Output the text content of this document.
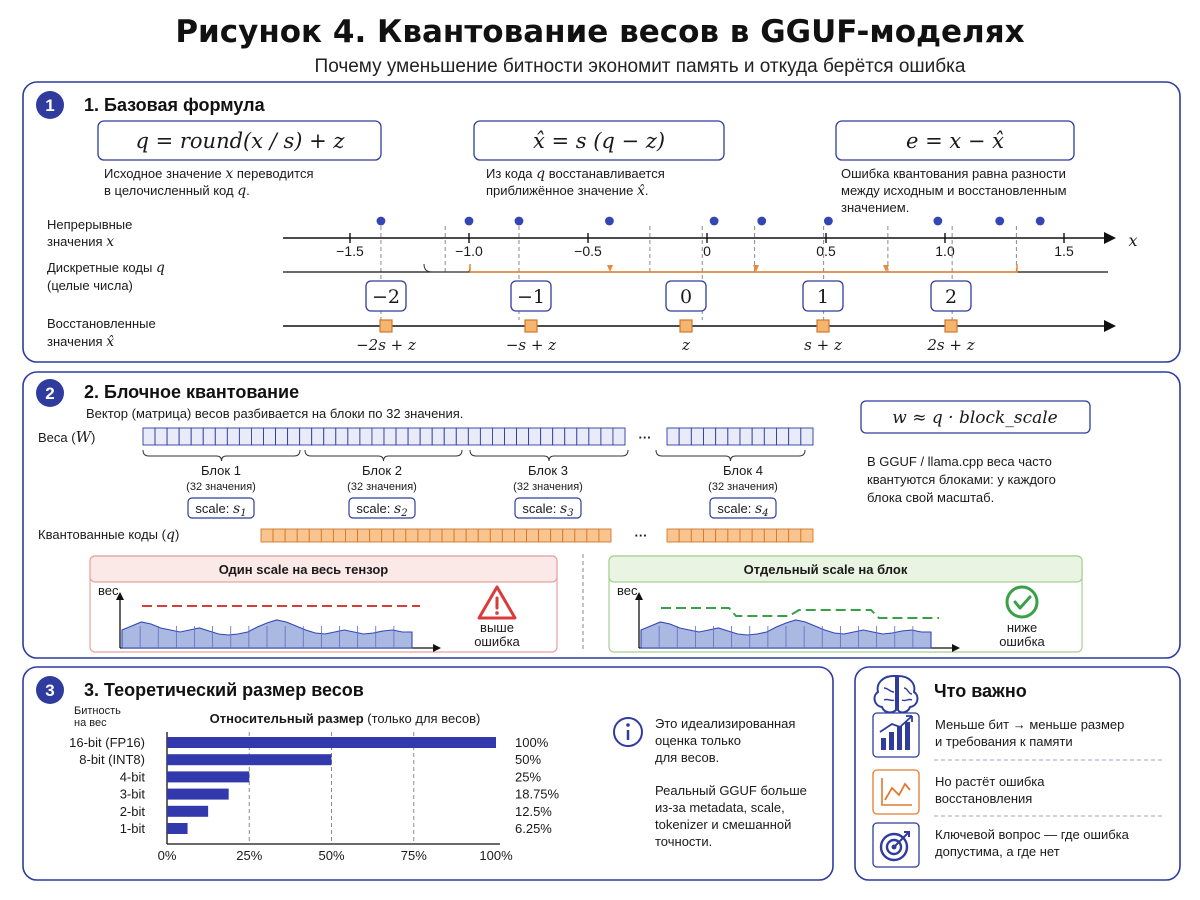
Рисунок 4. Квантование весов в GGUF-моделях
Почему уменьшение битности экономит память и откуда берётся ошибка
1 1. Базовая формула
q = round(x / s) + z
Исходное значение x переводится
в целочисленный код q.
x̂ = s (q − z)
Из кода q восстанавливается
приближённое значение x̂.
e = x − x̂
Ошибка квантования равна разности
между исходным и восстановленным
значением.
Непрерывные
значения x
Дискретные коды q
(целые числа)
Восстановленные
значения x̂
−1.5	−1.0	−0.5	0	0.5	1.0	1.5
x
−2	−1	0	1	2
−2s + z	−s + z	z	s + z	2s + z
2 2. Блочное квантование
Вектор (матрица) весов разбивается на блоки по 32 значения.
Веса (W)
Квантованные коды (q)
···
···
Блок 1
(32 значения)
scale: $s_1$
Блок 2
(32 значения)
scale: $s_2$
Блок 3
(32 значения)
scale: $s_3$
Блок 4
(32 значения)
scale: $s_4$
w ≈ q · block_scale
В GGUF / llama.cpp веса часто
квантуются блоками: у каждого
блока свой масштаб.
Один scale на весь тензор
вес
выше
ошибка
Отдельный scale на блок
вес
ниже
ошибка
3 3. Теоретический размер весов
Битность
на вес	Относительный размер (только для весов)
0%	25%	50%	75%	100%
16-bit (FP16)	100%
8-bit (INT8)	50%
4-bit	25%
3-bit	18.75%
2-bit	12.5%
1-bit	6.25%
Это идеализированная
оценка только
для весов.
Реальный GGUF больше
из-за metadata, scale,
tokenizer и смешанной
точности.
Что важно
Меньше бит → меньше размер
и требования к памяти
Но растёт ошибка
восстановления
Ключевой вопрос — где ошибка
допустима, а где нет
